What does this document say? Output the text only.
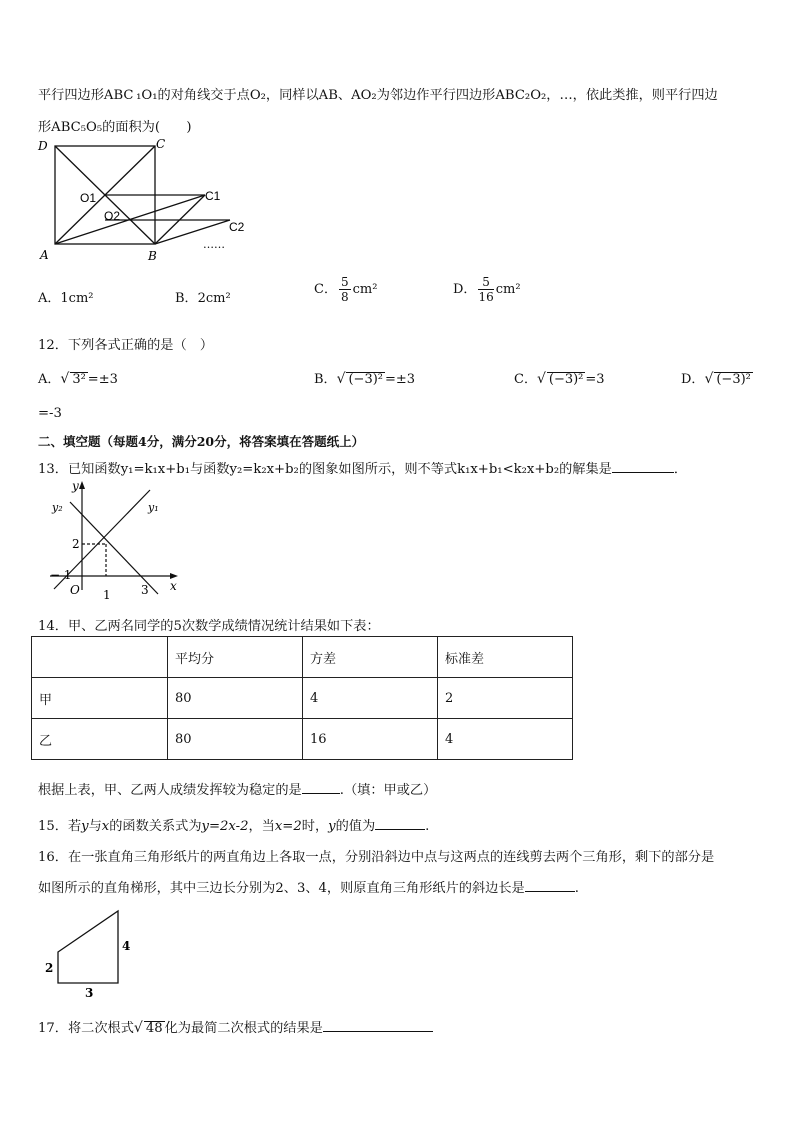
平行四边形ABC ₁O₁的对角线交于点O₂，同样以AB、AO₂为邻边作平行四边形ABC₂O₂，…，依此类推，则平行四边
形ABC₅O₅的面积为(　　)
D	C
O1	C1
O2
C2
A	B
……
A．1cm²	B．2cm²
C． $\frac{5}{8} cm^2$	D． $\frac{5}{16} cm^2$
12．下列各式正确的是（　）
A．√ 3² =±3	B．√ (−3)² =±3	C．√ (−3)² =3	D．√ (−3)²
=-3
二、填空题（每题4分，满分20分，将答案填在答题纸上）
13．已知函数y₁=k₁x+b₁与函数y₂=k₂x+b₂的图象如图所示，则不等式k₁x+b₁<k₂x+b₂的解集是	．
y
x
y₂	y₁
2
− 1
O 1	3
14．甲、乙两名同学的5次数学成绩情况统计结果如下表：
	平均分	方差	标准差
甲	80	4	2
乙	80	16	4
根据上表，甲、乙两人成绩发挥较为稳定的是	.（填：甲或乙）
15．若y与x的函数关系式为y=2x-2，当x=2时，y的值为	.
16．在一张直角三角形纸片的两直角边上各取一点，分别沿斜边中点与这两点的连线剪去两个三角形，剩下的部分是
如图所示的直角梯形，其中三边长分别为2、3、4，则原直角三角形纸片的斜边长是	.
2
3
4
17．将二次根式√ 48 化为最简二次根式的结果是
